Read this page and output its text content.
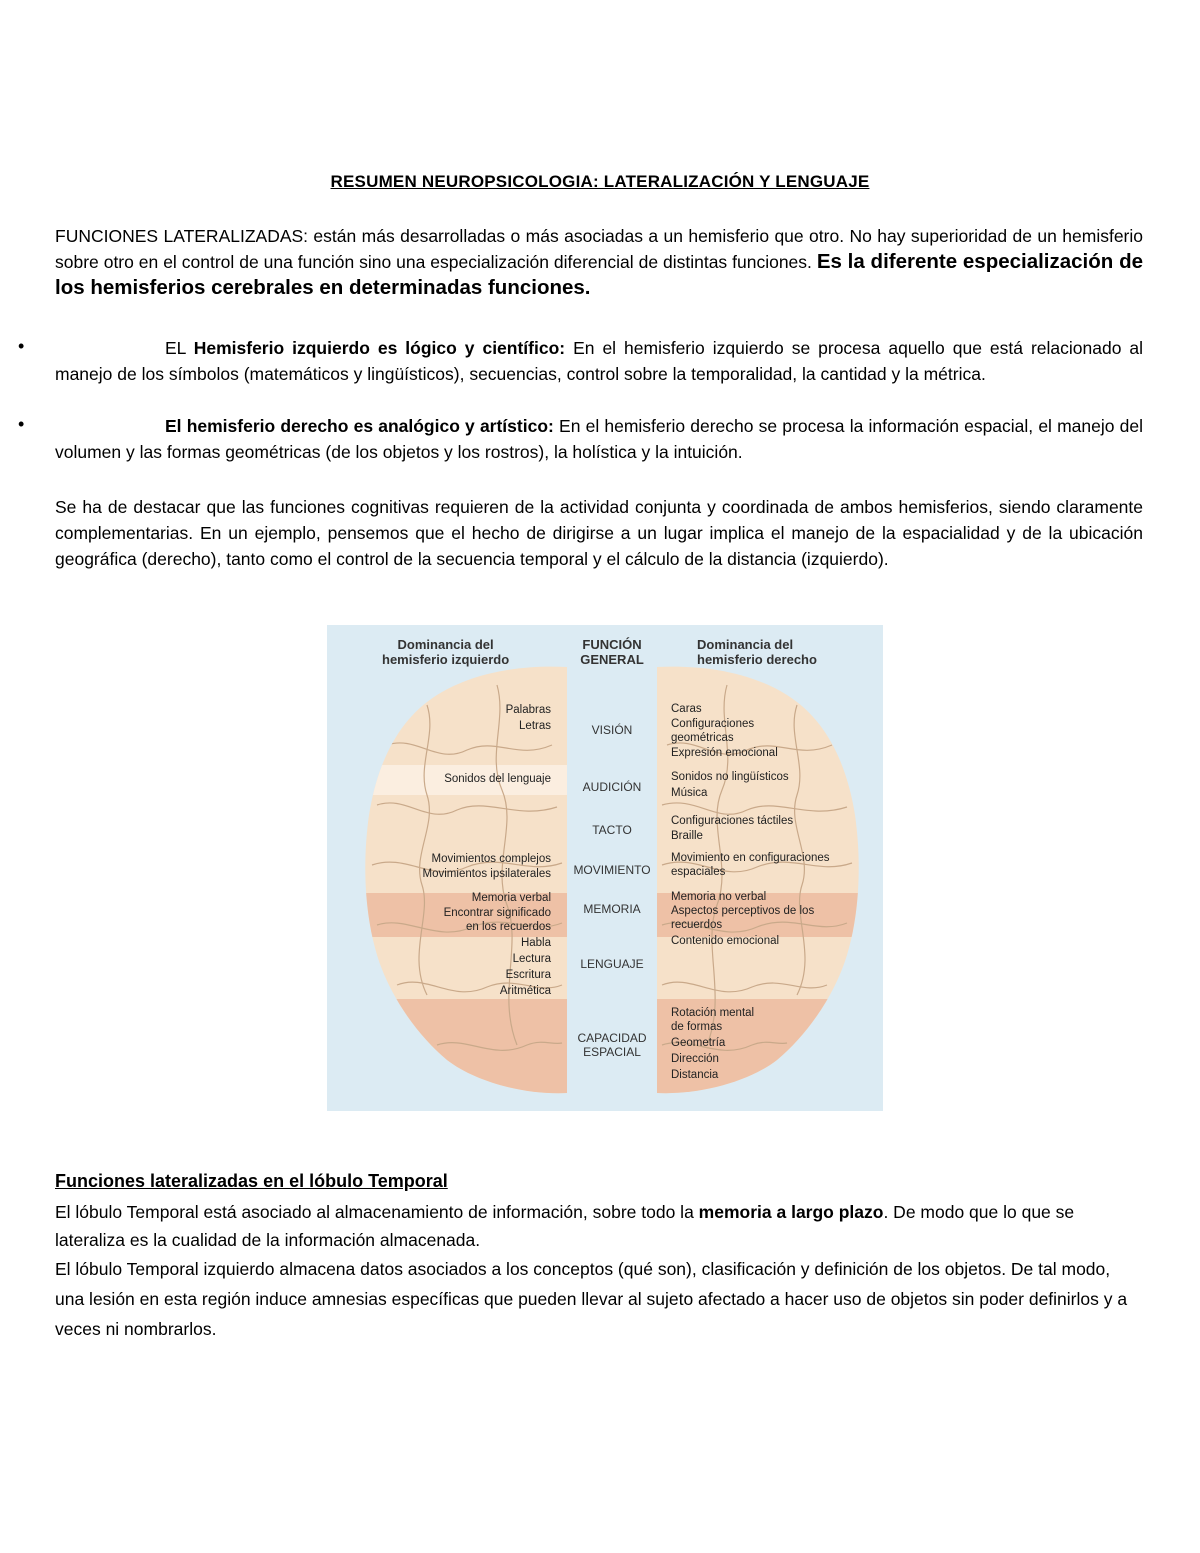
RESUMEN NEUROPSICOLOGIA: LATERALIZACIÓN Y LENGUAJE
FUNCIONES LATERALIZADAS: están más desarrolladas o más asociadas a un hemisferio que otro. No hay superioridad de un hemisferio sobre otro en el control de una función sino una especialización diferencial de distintas funciones. Es la diferente especialización de los hemisferios cerebrales en determinadas funciones.
•	EL Hemisferio izquierdo es lógico y científico: En el hemisferio izquierdo se procesa aquello que está relacionado al manejo de los símbolos (matemáticos y lingüísticos), secuencias, control sobre la temporalidad, la cantidad y la métrica.
•	El hemisferio derecho es analógico y artístico: En el hemisferio derecho se procesa la información espacial, el manejo del volumen y las formas geométricas (de los objetos y los rostros), la holística y la intuición.
Se ha de destacar que las funciones cognitivas requieren de la actividad conjunta y coordinada de ambos hemisferios, siendo claramente complementarias. En un ejemplo, pensemos que el hecho de dirigirse a un lugar implica el manejo de la espacialidad y de la ubicación geográfica (derecho), tanto como el control de la secuencia temporal y el cálculo de la distancia (izquierdo).
Dominancia del
hemisferio izquierdo
FUNCIÓN
GENERAL
Dominancia del
hemisferio derecho
VISIÓN
AUDICIÓN
TACTO
MOVIMIENTO
MEMORIA
LENGUAJE
CAPACIDAD
ESPACIAL
Palabras
Letras
Sonidos del lenguaje
Movimientos complejos
Movimientos ipsilaterales
Memoria verbal
Encontrar significado
en los recuerdos
Habla
Lectura
Escritura
Aritmética
Caras
Configuraciones
geométricas
Expresión emocional
Sonidos no lingüísticos
Música
Configuraciones táctiles
Braille
Movimiento en configuraciones
espaciales
Memoria no verbal
Aspectos perceptivos de los
recuerdos
Contenido emocional
Rotación mental
de formas
Geometría
Dirección
Distancia
Funciones lateralizadas en el lóbulo Temporal
El lóbulo Temporal está asociado al almacenamiento de información, sobre todo la memoria a largo plazo. De modo que lo que se lateraliza es la cualidad de la información almacenada.
El lóbulo Temporal izquierdo almacena datos asociados a los conceptos (qué son), clasificación y definición de los objetos. De tal modo, una lesión en esta región induce amnesias específicas que pueden llevar al sujeto afectado a hacer uso de objetos sin poder definirlos y a veces ni nombrarlos.
